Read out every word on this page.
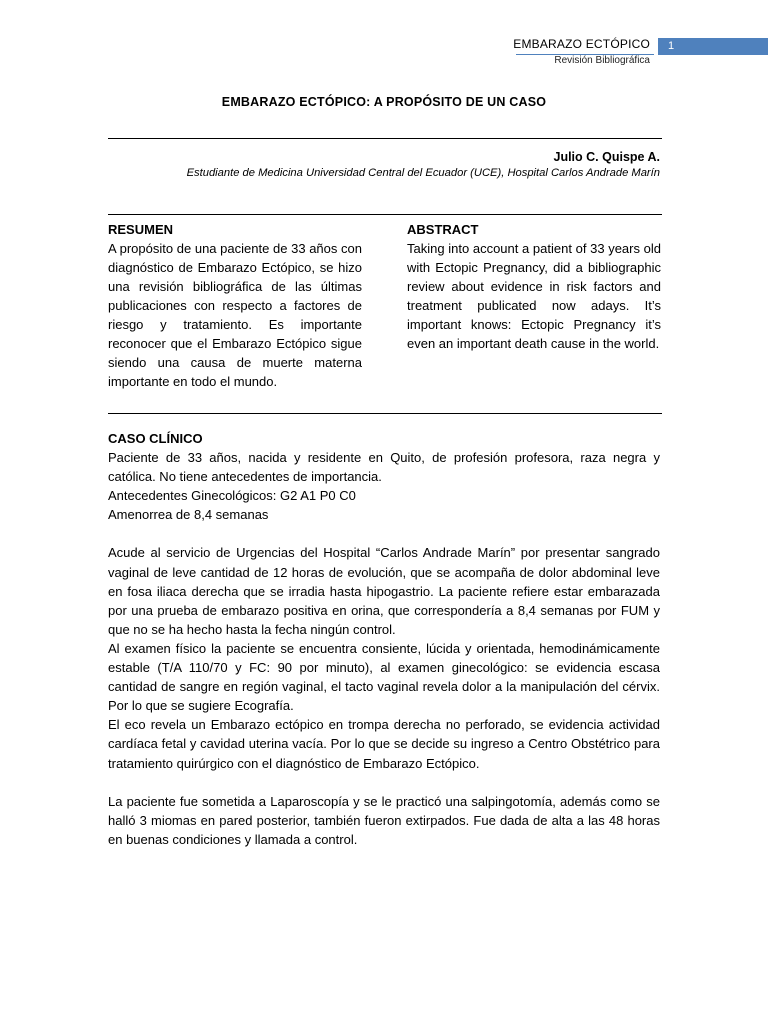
EMBARAZO ECTÓPICO
Revisión Bibliográfica
1
EMBARAZO ECTÓPICO: A PROPÓSITO DE UN CASO
Julio C. Quispe A.
Estudiante de Medicina Universidad Central del Ecuador (UCE), Hospital Carlos Andrade Marín
RESUMEN

A propósito de una paciente de 33 años con diagnóstico de Embarazo Ectópico, se hizo una revisión bibliográfica de las últimas publicaciones con respecto a factores de riesgo y tratamiento. Es importante reconocer que el Embarazo Ectópico sigue siendo una causa de muerte materna importante en todo el mundo.

ABSTRACT

Taking into account a patient of 33 years old with Ectopic Pregnancy, did a bibliographic review about evidence in risk factors and treatment publicated now adays. It’s important knows: Ectopic Pregnancy it’s even an important death cause in the world.

CASO CLÍNICO

Paciente de 33 años, nacida y residente en Quito, de profesión profesora, raza negra y católica. No tiene antecedentes de importancia.

Antecedentes Ginecológicos: G2 A1 P0 C0

Amenorrea de 8,4 semanas

Acude al servicio de Urgencias del Hospital “Carlos Andrade Marín” por presentar sangrado vaginal de leve cantidad de 12 horas de evolución, que se acompaña de dolor abdominal leve en fosa iliaca derecha que se irradia hasta hipogastrio. La paciente refiere estar embarazada por una prueba de embarazo positiva en orina, que correspondería a 8,4 semanas por FUM y que no se ha hecho hasta la fecha ningún control.

Al examen físico la paciente se encuentra consiente, lúcida y orientada, hemodinámicamente estable (T/A 110/70 y FC: 90 por minuto), al examen ginecológico: se evidencia escasa cantidad de sangre en región vaginal, el tacto vaginal revela dolor a la manipulación del cérvix. Por lo que se sugiere Ecografía.

El eco revela un Embarazo ectópico en trompa derecha no perforado, se evidencia actividad cardíaca fetal y cavidad uterina vacía. Por lo que se decide su ingreso a Centro Obstétrico para tratamiento quirúrgico con el diagnóstico de Embarazo Ectópico.

La paciente fue sometida a Laparoscopía y se le practicó una salpingotomía, además como se halló 3 miomas en pared posterior, también fueron extirpados. Fue dada de alta a las 48 horas en buenas condiciones y llamada a control.
